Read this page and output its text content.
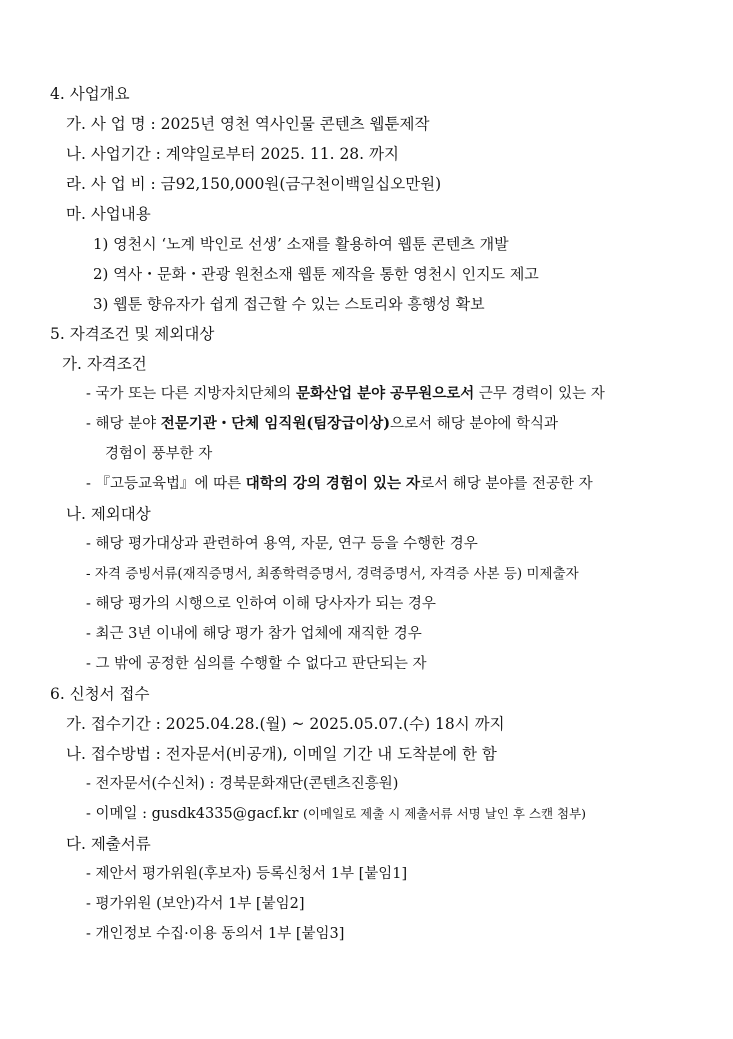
4. 사업개요
가. 사 업 명 : 2025년 영천 역사인물 콘텐츠 웹툰제작
나. 사업기간 : 계약일로부터 2025. 11. 28. 까지
라. 사 업 비 : 금92,150,000원(금구천이백일십오만원)
마. 사업내용
1) 영천시 ‘노계 박인로 선생’ 소재를 활용하여 웹툰 콘텐츠 개발
2) 역사・문화・관광 원천소재 웹툰 제작을 통한 영천시 인지도 제고
3) 웹툰 향유자가 쉽게 접근할 수 있는 스토리와 흥행성 확보
5. 자격조건 및 제외대상
가. 자격조건
- 국가 또는 다른 지방자치단체의 문화산업 분야 공무원으로서 근무 경력이 있는 자
- 해당 분야 전문기관・단체 임직원(팀장급이상)으로서 해당 분야에 학식과
경험이 풍부한 자
- 『고등교육법』에 따른 대학의 강의 경험이 있는 자로서 해당 분야를 전공한 자
나. 제외대상
- 해당 평가대상과 관련하여 용역, 자문, 연구 등을 수행한 경우
- 자격 증빙서류(재직증명서, 최종학력증명서, 경력증명서, 자격증 사본 등) 미제출자
- 해당 평가의 시행으로 인하여 이해 당사자가 되는 경우
- 최근 3년 이내에 해당 평가 참가 업체에 재직한 경우
- 그 밖에 공정한 심의를 수행할 수 없다고 판단되는 자
6. 신청서 접수
가. 접수기간 : 2025.04.28.(월) ~ 2025.05.07.(수) 18시 까지
나. 접수방법 : 전자문서(비공개), 이메일 기간 내 도착분에 한 함
- 전자문서(수신처) : 경북문화재단(콘텐츠진흥원)
- 이메일 : gusdk4335@gacf.kr (이메일로 제출 시 제출서류 서명 날인 후 스캔 첨부)
다. 제출서류
- 제안서 평가위원(후보자) 등록신청서 1부 [붙임1]
- 평가위원 (보안)각서 1부 [붙임2]
- 개인정보 수집·이용 동의서 1부 [붙임3]
